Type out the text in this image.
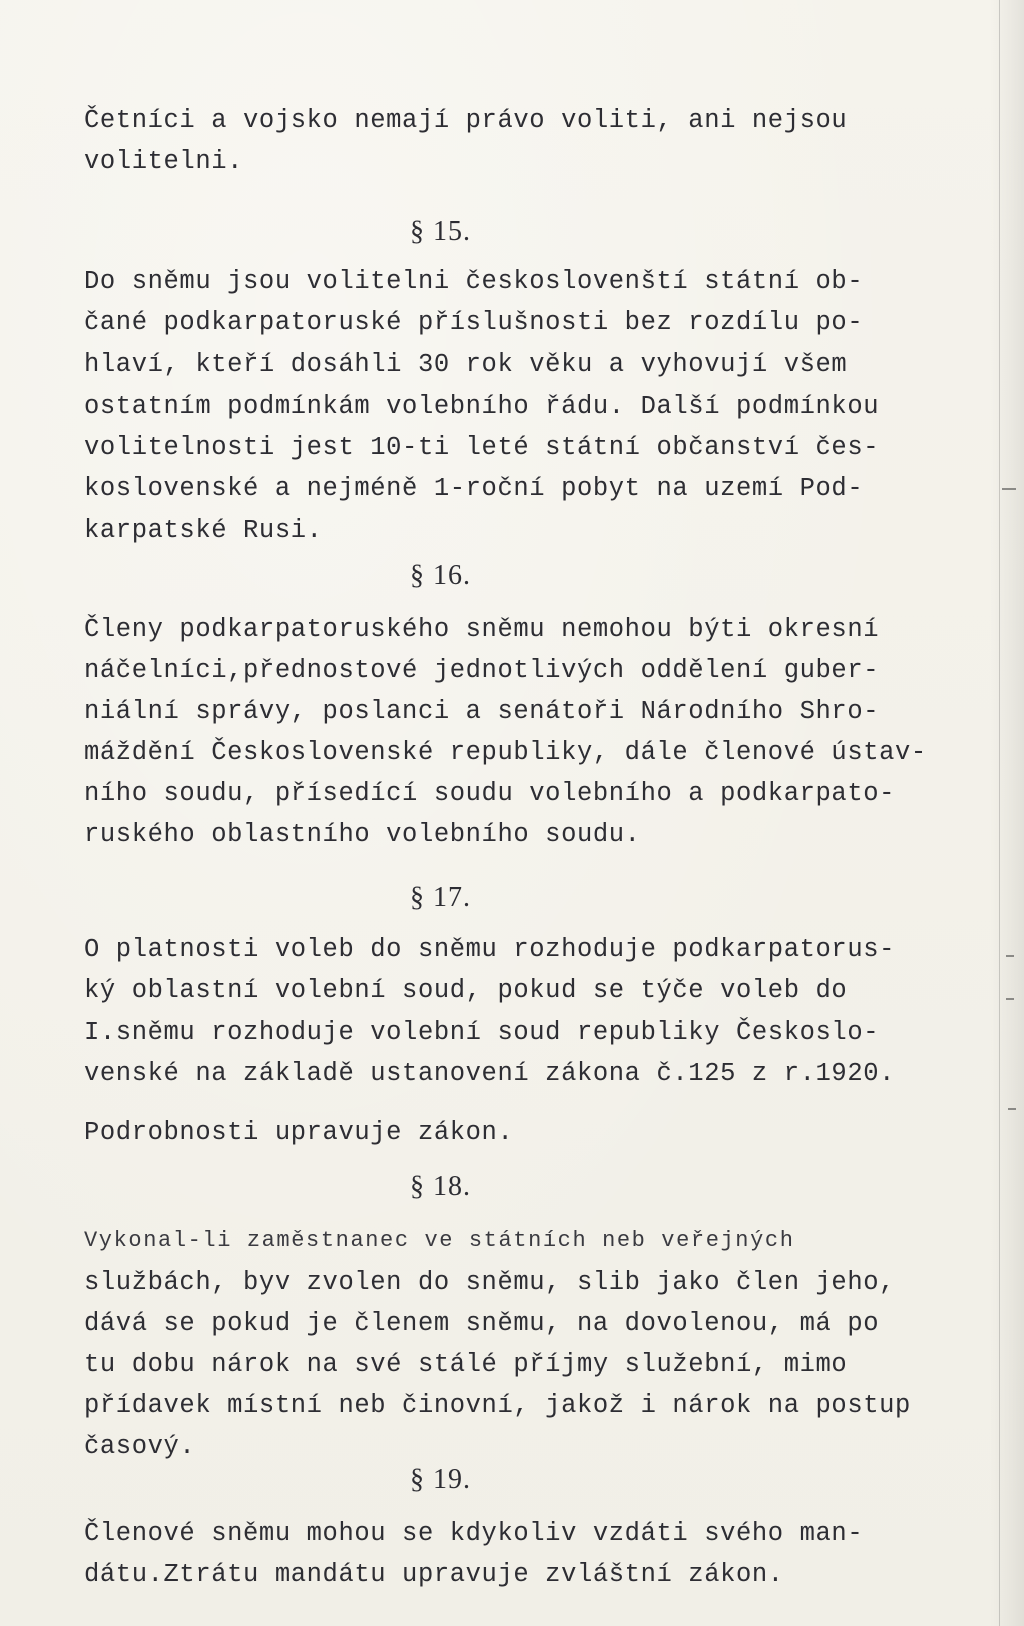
Četníci a vojsko nemají právo voliti, ani nejsou
volitelni.
§ 15.
Do sněmu jsou volitelni českoslovenští státní ob-
čané podkarpatoruské příslušnosti bez rozdílu po-
hlaví, kteří dosáhli 30 rok věku a vyhovují všem
ostatním podmínkám volebního řádu. Další podmínkou
volitelnosti jest 10-ti leté státní občanství čes-
koslovenské a nejméně 1-roční pobyt na uzemí Pod-
karpatské Rusi.
§ 16.
Členy podkarpatoruského sněmu nemohou býti okresní
náčelníci,přednostové jednotlivých oddělení guber-
niální správy, poslanci a senátoři Národního Shro-
máždění Československé republiky, dále členové ústav-
ního soudu, přísedící soudu volebního a podkarpato-
ruského oblastního volebního soudu.
§ 17.
O platnosti voleb do sněmu rozhoduje podkarpatorus-
ký oblastní volební soud, pokud se týče voleb do
I.sněmu rozhoduje volební soud republiky Českoslo-
venské na základě ustanovení zákona č.125 z r.1920.
Podrobnosti upravuje zákon.
§ 18.
Vykonal-li zaměstnanec ve státních neb veřejných
službách, byv zvolen do sněmu, slib jako člen jeho,
dává se pokud je členem sněmu, na dovolenou, má po
tu dobu nárok na své stálé příjmy služební, mimo
přídavek místní neb činovní, jakož i nárok na postup
časový.
§ 19.
Členové sněmu mohou se kdykoliv vzdáti svého man-
dátu.Ztrátu mandátu upravuje zvláštní zákon.
